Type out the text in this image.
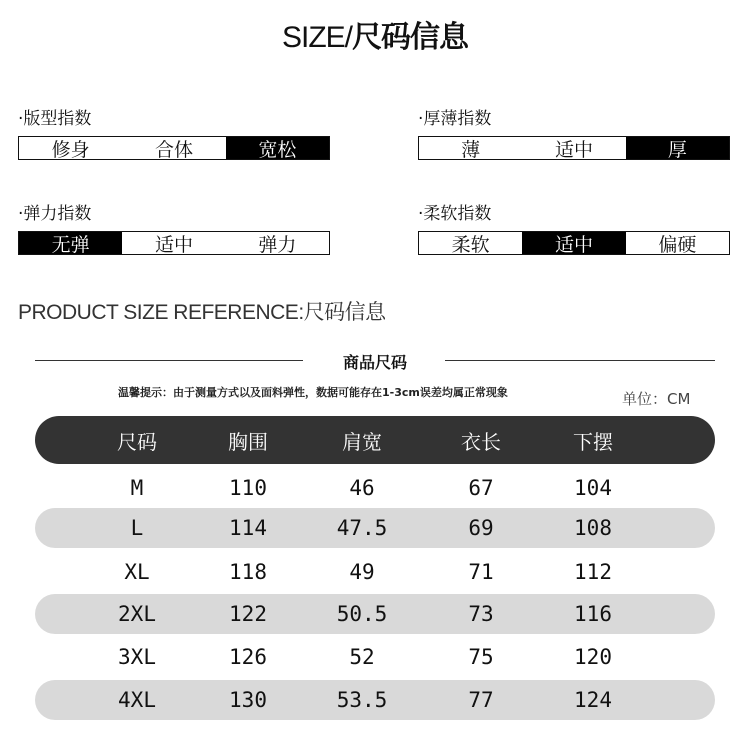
SIZE/尺码信息
·版型指数
修身	合体	宽松
·厚薄指数
薄	适中	厚
·弹力指数
无弹	适中	弹力
·柔软指数
柔软	适中	偏硬
PRODUCT SIZE REFERENCE:尺码信息
商品尺码
温馨提示：由于测量方式以及面料弹性，数据可能存在1-3cm误差均属正常现象	单位：CM
尺码	胸围	肩宽	衣长	下摆
M	110	46	67	104
L	114	47.5	69	108
XL	118	49	71	112
2XL	122	50.5	73	116
3XL	126	52	75	120
4XL	130	53.5	77	124
